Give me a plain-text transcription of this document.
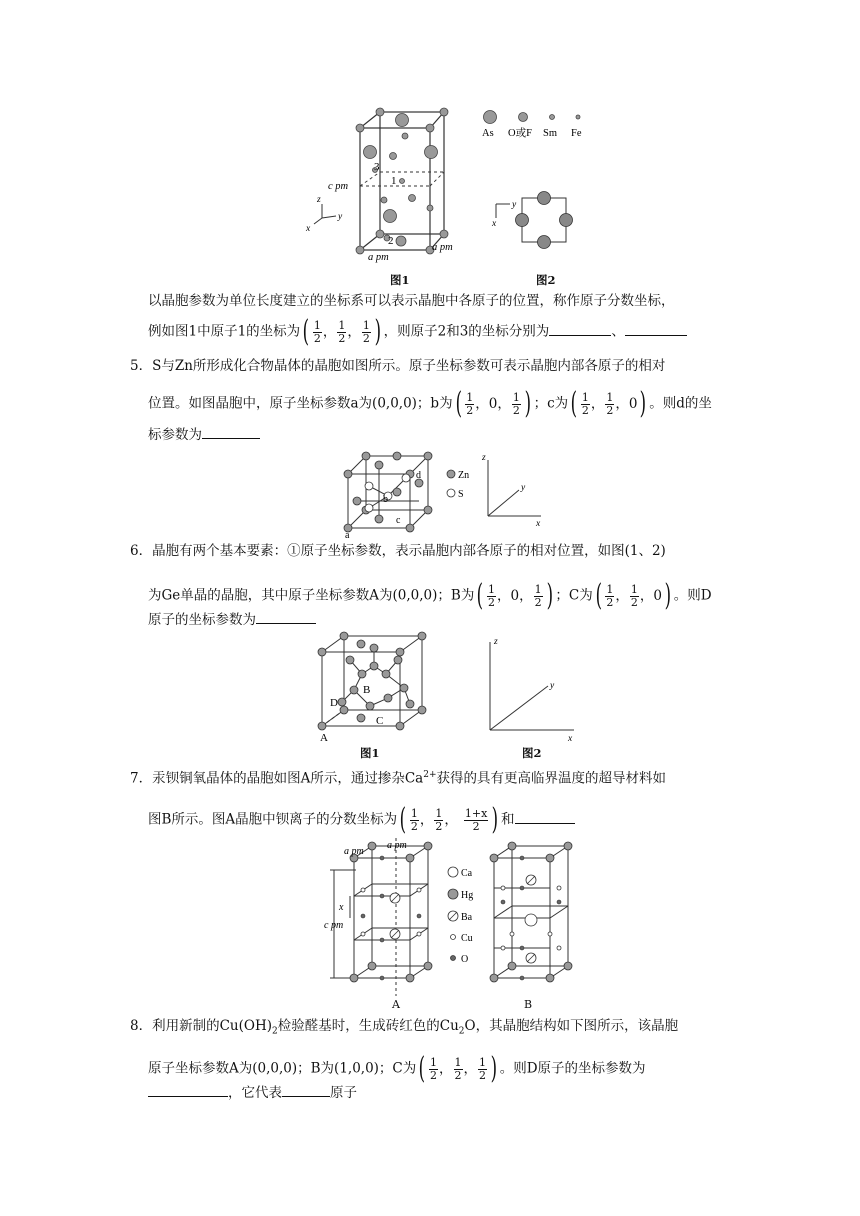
3
1
2
c pm
a pm
a pm
z
y
x
As O或F Sm Fe
y
x
图1	图2
以晶胞参数为单位长度建立的坐标系可以表示晶胞中各原子的位置，称作原子分数坐标，
例如图1中原子1的坐标为 ( $\frac{1}{2}$ ， $\frac{1}{2}$ ， $\frac{1}{2}$ ) ，则原子2和3的坐标分别为	、
5．S与Zn所形成化合物晶体的晶胞如图所示。原子坐标参数可表示晶胞内部各原子的相对
位置。如图晶胞中，原子坐标参数a为(0,0,0)；b为 ( $\frac{1}{2}$ ， 0， $\frac{1}{2}$ ) ；c为 ( $\frac{1}{2}$ ， $\frac{1}{2}$ ， 0 ) 。则d的坐
标参数为
a
b
c
d	Zn
S
z
y
x
6．晶胞有两个基本要素：①原子坐标参数，表示晶胞内部各原子的相对位置，如图(1、2)
为Ge单晶的晶胞，其中原子坐标参数A为(0,0,0)；B为 ( $\frac{1}{2}$ ， 0， $\frac{1}{2}$ ) ；C为 ( $\frac{1}{2}$ ， $\frac{1}{2}$ ， 0 ) 。则D
原子的坐标参数为
A
B
C
D
z
y
x
图1	图2
7．汞钡铜氧晶体的晶胞如图A所示，通过掺杂$Ca^{2+}$获得的具有更高临界温度的超导材料如
图B所示。图A晶胞中钡离子的分数坐标为 ( $\frac{1}{2}$ ， $\frac{1}{2}$ ， $\frac{1+x}{2}$ ) 和
a pm
a pm
c pm
x
Ca
Hg
Ba
Cu
O
A	B
8．利用新制的$Cu(OH)_2$检验醛基时，生成砖红色的$Cu_2O$，其晶胞结构如下图所示，该晶胞
原子坐标参数A为(0,0,0)；B为(1,0,0)；C为 ( $\frac{1}{2}$ ， $\frac{1}{2}$ ， $\frac{1}{2}$ ) 。则D原子的坐标参数为
，它代表	原子
